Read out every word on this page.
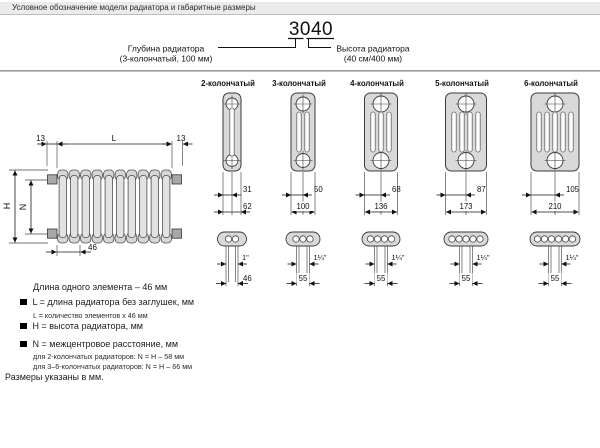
Условное обозначение модели радиатора и габаритные размеры
3040
Глубина радиатора
(3-колончатый, 100 мм)
Высота радиатора
(40 см/400 мм)
13	L	13
H N
46
2-колончатый
31
62
1"
46
3-колончатый
50
100
1¼"
55
4-колончатый
68
136
1¼"
55
5-колончатый
87
173
1¼"
55
6-колончатый
105
210
1¼"
55
Длина одного элемента – 46 мм
L = длина радиатора без заглушек, мм
L = количество элементов x 46 мм
H = высота радиатора, мм
N = межцентровое расстояние, мм
для 2-колончатых радиаторов: N = H – 58 мм
для 3–6-колончатых радиаторов: N = H – 66 мм
Размеры указаны в мм.
